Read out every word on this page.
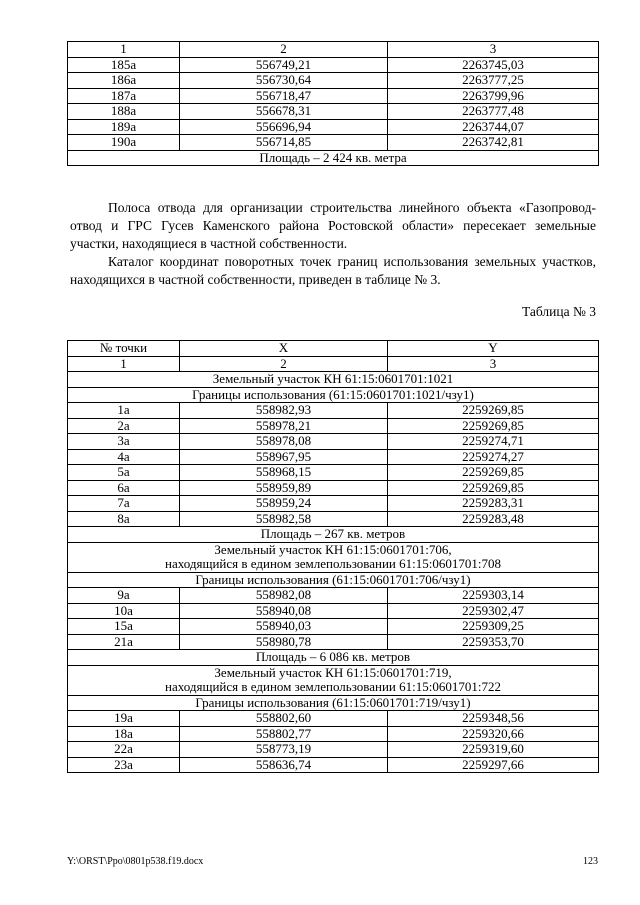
1	2	3
185а	556749,21	2263745,03
186а	556730,64	2263777,25
187а	556718,47	2263799,96
188а	556678,31	2263777,48
189а	556696,94	2263744,07
190а	556714,85	2263742,81
Площадь – 2 424 кв. метра		

Полоса отвода для организации строительства линейного объекта «Газопровод-отвод и ГРС Гусев Каменского района Ростовской области» пересекает земельные участки, находящиеся в частной собственности.

Каталог координат поворотных точек границ использования земельных участков, находящихся в частной собственности, приведен в таблице № 3.

Таблица № 3
№ точки	X	Y
1	2	3
Земельный участок КН 61:15:0601701:1021		
Границы использования (61:15:0601701:1021/чзу1)		
1а	558982,93	2259269,85
2а	558978,21	2259269,85
3а	558978,08	2259274,71
4а	558967,95	2259274,27
5а	558968,15	2259269,85
6а	558959,89	2259269,85
7а	558959,24	2259283,31
8а	558982,58	2259283,48
Площадь – 267 кв. метров		

Земельный участок КН 61:15:0601701:706,
находящийся в едином землепользовании 61:15:0601701:708		

Границы использования (61:15:0601701:706/чзу1)		
9а	558982,08	2259303,14
10а	558940,08	2259302,47
15а	558940,03	2259309,25
21а	558980,78	2259353,70
Площадь – 6 086 кв. метров		

Земельный участок КН 61:15:0601701:719,
находящийся в едином землепользовании 61:15:0601701:722		

Границы использования (61:15:0601701:719/чзу1)		
19а	558802,60	2259348,56
18а	558802,77	2259320,66
22а	558773,19	2259319,60
23а	558636,74	2259297,66
Y:\ORST\Ppo\0801p538.f19.docx	123
